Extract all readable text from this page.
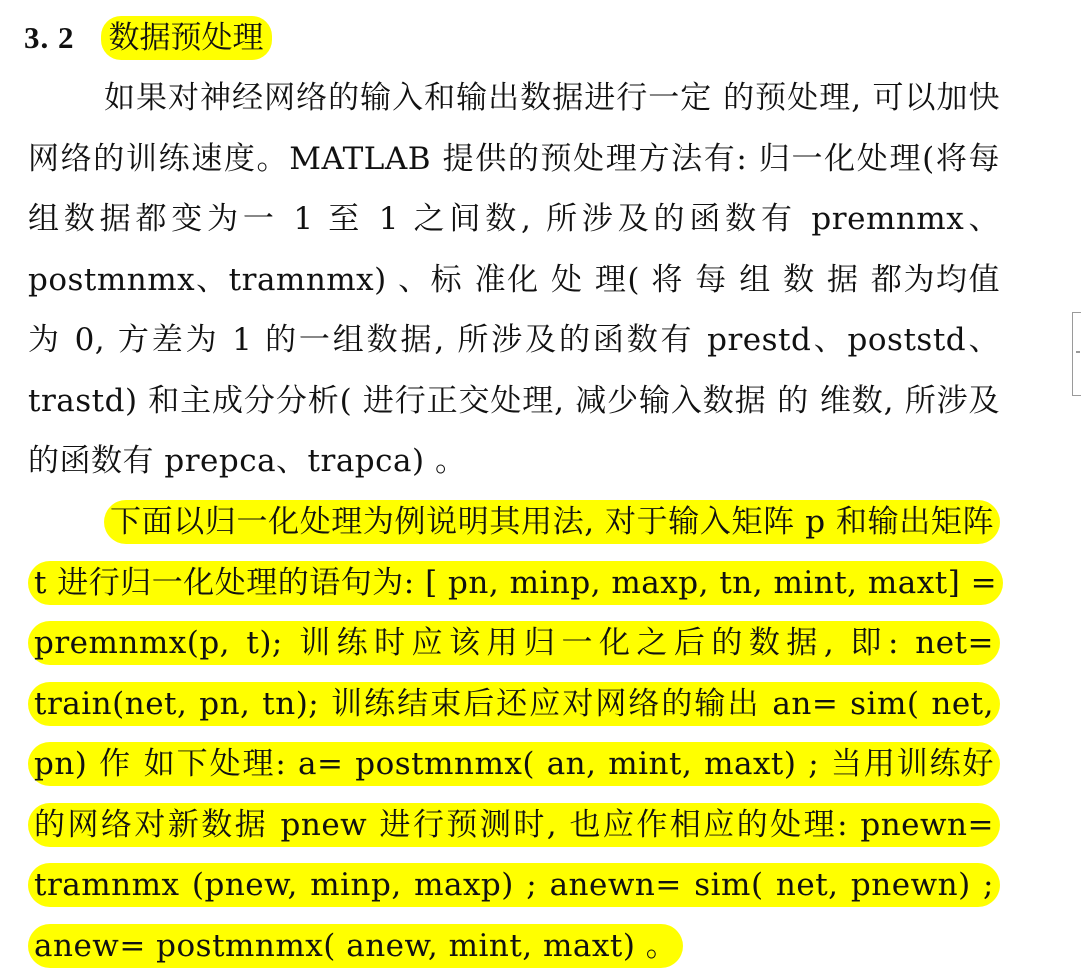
3. 2 数据预处理

如果对神经网络的输入和输出数据进行一定 的预处理, 可以加快网络的训练速度。MATLAB 提供的预处理方法有: 归一化处理(将每组数据都变为一 1 至 1 之间数, 所涉及的函数有 premnmx、postmnmx、tramnmx) 、标 准化 处 理( 将 每 组 数 据 都为均值为 0, 方差为 1 的一组数据, 所涉及的函数有 prestd、poststd、trastd) 和主成分分析( 进行正交处理, 减少输入数据 的 维数, 所涉及的函数有 prepca、trapca) 。

下面以归一化处理为例说明其用法, 对于输入矩阵 p 和输出矩阵 t 进行归一化处理的语句为: [ pn, minp, maxp, tn, mint, maxt] = premnmx(p, t); 训练时应该用归一化之后的数据, 即: net= train(net, pn, tn); 训练结束后还应对网络的输出 an= sim( net, pn) 作 如下处理: a= postmnmx( an, mint, maxt) ; 当用训练好的网络对新数据 pnew 进行预测时, 也应作相应的处理: pnewn= tramnmx (pnew, minp, maxp) ; anewn= sim( net, pnewn) ; anew= postmnmx( anew, mint, maxt) 。
